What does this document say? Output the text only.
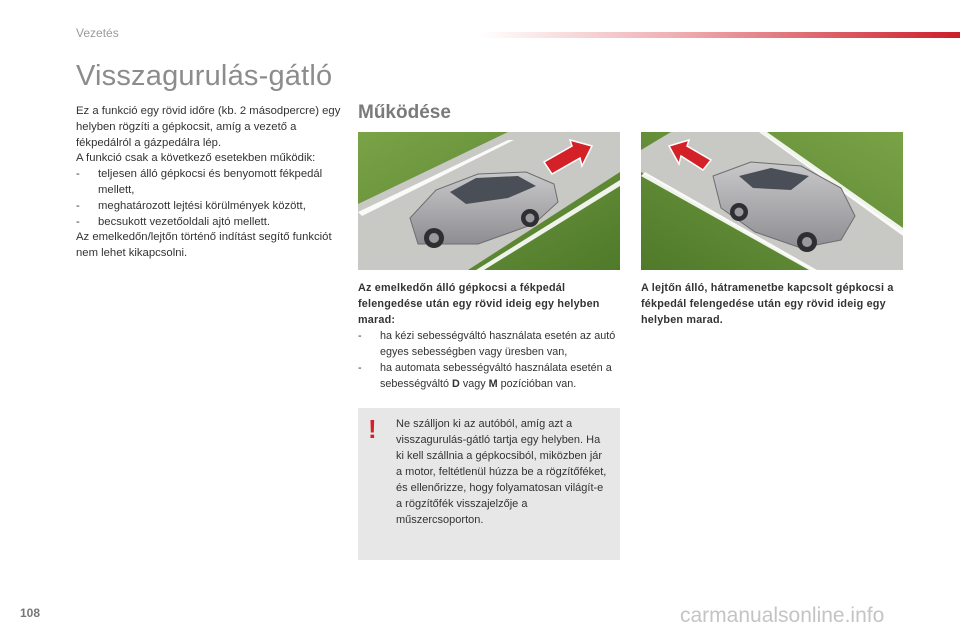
Vezetés
Visszagurulás-gátló

Ez a funkció egy rövid időre (kb. 2 másodpercre) egy helyben rögzíti a gépkocsit, amíg a vezető a fékpedálról a gázpedálra lép.

A funkció csak a következő esetekben működik:

- teljesen álló gépkocsi és benyomott fékpedál mellett,
- meghatározott lejtési körülmények között,
- becsukott vezetőoldali ajtó mellett.

Az emelkedőn/lejtőn történő indítást segítő funkciót nem lehet kikapcsolni.

Működése

Az emelkedőn álló gépkocsi a fékpedál felengedése után egy rövid ideig egy helyben marad:

- ha kézi sebességváltó használata esetén az autó egyes sebességben vagy üresben van,
- ha automata sebességváltó használata esetén a sebességváltó D vagy M pozícióban van.

A lejtőn álló, hátramenetbe kapcsolt gépkocsi a fékpedál felengedése után egy rövid ideig egy helyben marad.

! Ne szálljon ki az autóból, amíg azt a visszagurulás-gátló tartja egy helyben. Ha ki kell szállnia a gépkocsiból, miközben jár a motor, feltétlenül húzza be a rögzítőféket, és ellenőrizze, hogy folyamatosan világít-e a rögzítőfék visszajelzője a műszercsoporton.

108	carmanualsonline.info
